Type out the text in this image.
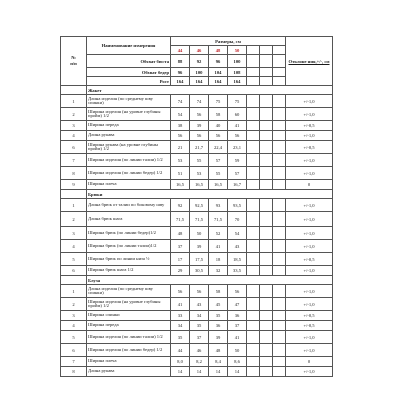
№
п/п	Наименование измерения	Размеры, см							Отклоне ния,+/-, см
		44	46	48	50				
	Обхват бюста	88	92	96	100				
	Обхват бедер	96	100	104	108				
	Рост	164	164	164	164				
	Жакет								
1	Длина изделия (по среднему шву спинки)	74	74	75	75				+/-1,0
2	Ширина изделия (на уровне глубины пройм) 1/2	54	56	58	60				+/-1,0
3	Ширина переда	38	39	40	41				+/-0,5
4	Длина рукава	56	56	56	56				+/-1,0
6	Ширина рукава (на уровне глубины пройм) 1/2	21	21,7	22,4	23,1				+/-0,5
7	Ширина изделия (по линии талии) 1/2	53	55	57	59				+/-1,0
8	Ширина изделия (по линии бедер) 1/2	51	53	55	57				+/-1,0
9	Ширина плеча	16,5	16,5	16,5	16,7				0
	Брюки								
1	Длина брюк от талии по боковому шву	92	92,5	93	93,5				+/-1,0
2	Длина брюк шага	71,5	71,5	71,5	70				+/-1,0
3	Ширина брюк (по линии бедер)1/2	48	50	52	54				+/-1,0
4	Ширина брюк (по линии талии)1/2	37	39	41	43				+/-1,0
5	Ширина брюк по линии низа ½	17	17,5	18	18,5				+/-0,5
6	Ширина брюк шага 1/2	29	30,5	32	33,5				+/-1,0
	Блуза								
1	Длина изделия (по среднему шву спинки)	56	56	58	56				+/-1,0
2	Ширина изделия (на уровне глубины пройм) 1/2	41	43	45	47				+/-1,0
3	Ширина спинки	33	34	35	36				+/-0,5
4	Ширина переда	34	35	36	37				+/-0,5
5	Ширина изделия (по линии талии) 1/2	35	37	39	41				+/-1,0
6	Ширина изделия (по линии бедер) 1/2	44	46	48	50				+/-1,0
7	Ширина плеча	8,0	8,2	8,4	8,6				0
8	Длина рукава	14	14	14	14				+/-1,0
